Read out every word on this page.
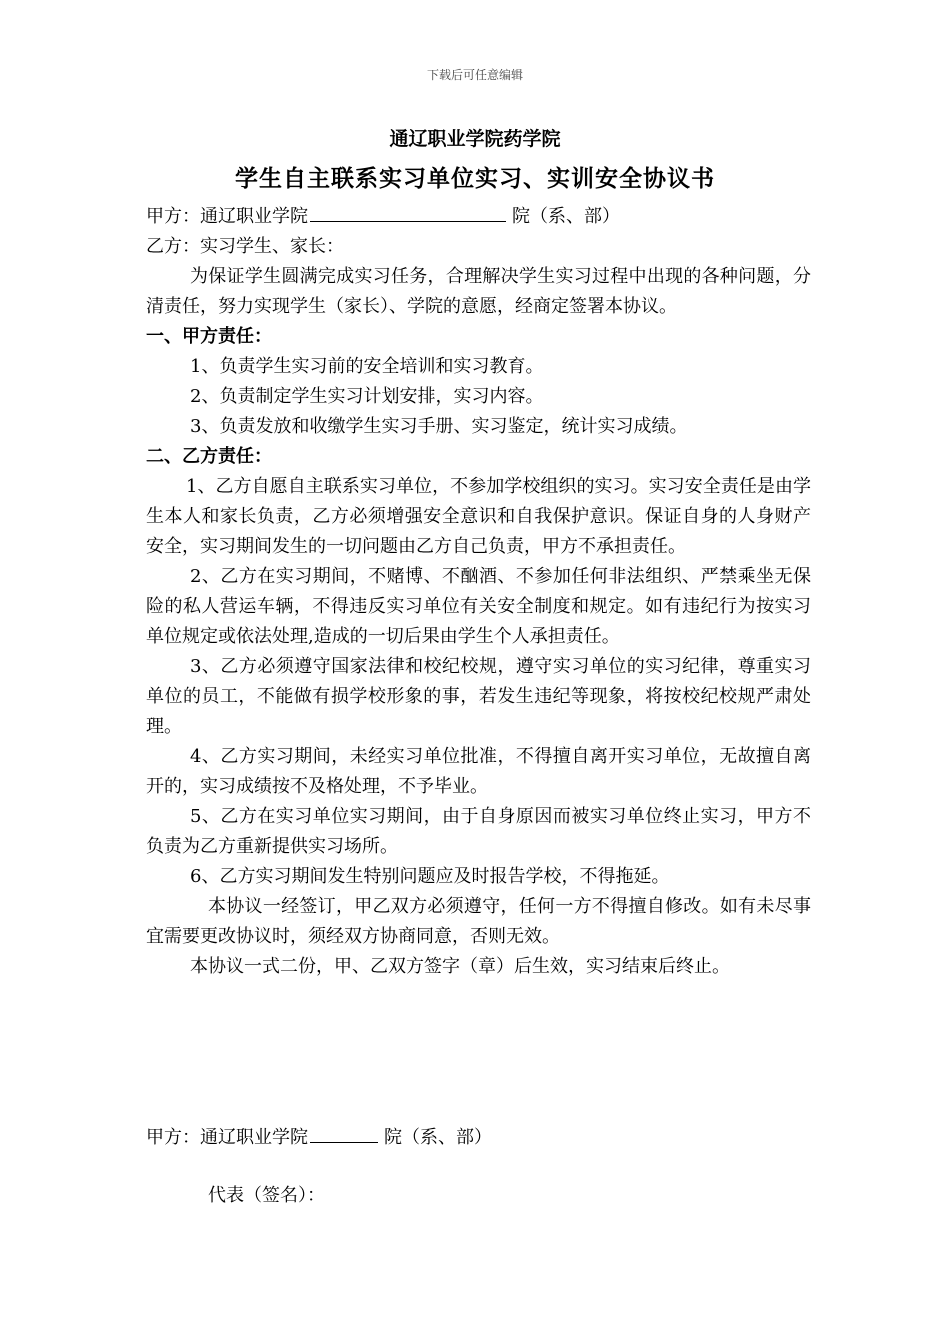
下载后可任意编辑
通辽职业学院药学院
学生自主联系实习单位实习、实训安全协议书
甲方：通辽职业学院	院（系、部）
乙方：实习学生、家长：
为保证学生圆满完成实习任务，合理解决学生实习过程中出现的各种问题，分清责任，努力实现学生（家长）、学院的意愿，经商定签署本协议。
一、甲方责任：
1、负责学生实习前的安全培训和实习教育。
2、负责制定学生实习计划安排，实习内容。
3、负责发放和收缴学生实习手册、实习鉴定，统计实习成绩。
二、乙方责任：
1、乙方自愿自主联系实习单位，不参加学校组织的实习。实习安全责任是由学生本人和家长负责，乙方必须增强安全意识和自我保护意识。保证自身的人身财产安全，实习期间发生的一切问题由乙方自己负责，甲方不承担责任。
2、乙方在实习期间，不赌博、不酗酒、不参加任何非法组织、严禁乘坐无保险的私人营运车辆，不得违反实习单位有关安全制度和规定。如有违纪行为按实习单位规定或依法处理,造成的一切后果由学生个人承担责任。
3、乙方必须遵守国家法律和校纪校规，遵守实习单位的实习纪律，尊重实习单位的员工，不能做有损学校形象的事，若发生违纪等现象，将按校纪校规严肃处理。
4、乙方实习期间，未经实习单位批准，不得擅自离开实习单位，无故擅自离开的，实习成绩按不及格处理，不予毕业。
5、乙方在实习单位实习期间，由于自身原因而被实习单位终止实习，甲方不负责为乙方重新提供实习场所。
6、乙方实习期间发生特别问题应及时报告学校，不得拖延。
本协议一经签订，甲乙双方必须遵守，任何一方不得擅自修改。如有未尽事宜需要更改协议时，须经双方协商同意，否则无效。
本协议一式二份，甲、乙双方签字（章）后生效，实习结束后终止。
甲方：通辽职业学院	院（系、部）
代表（签名）：
